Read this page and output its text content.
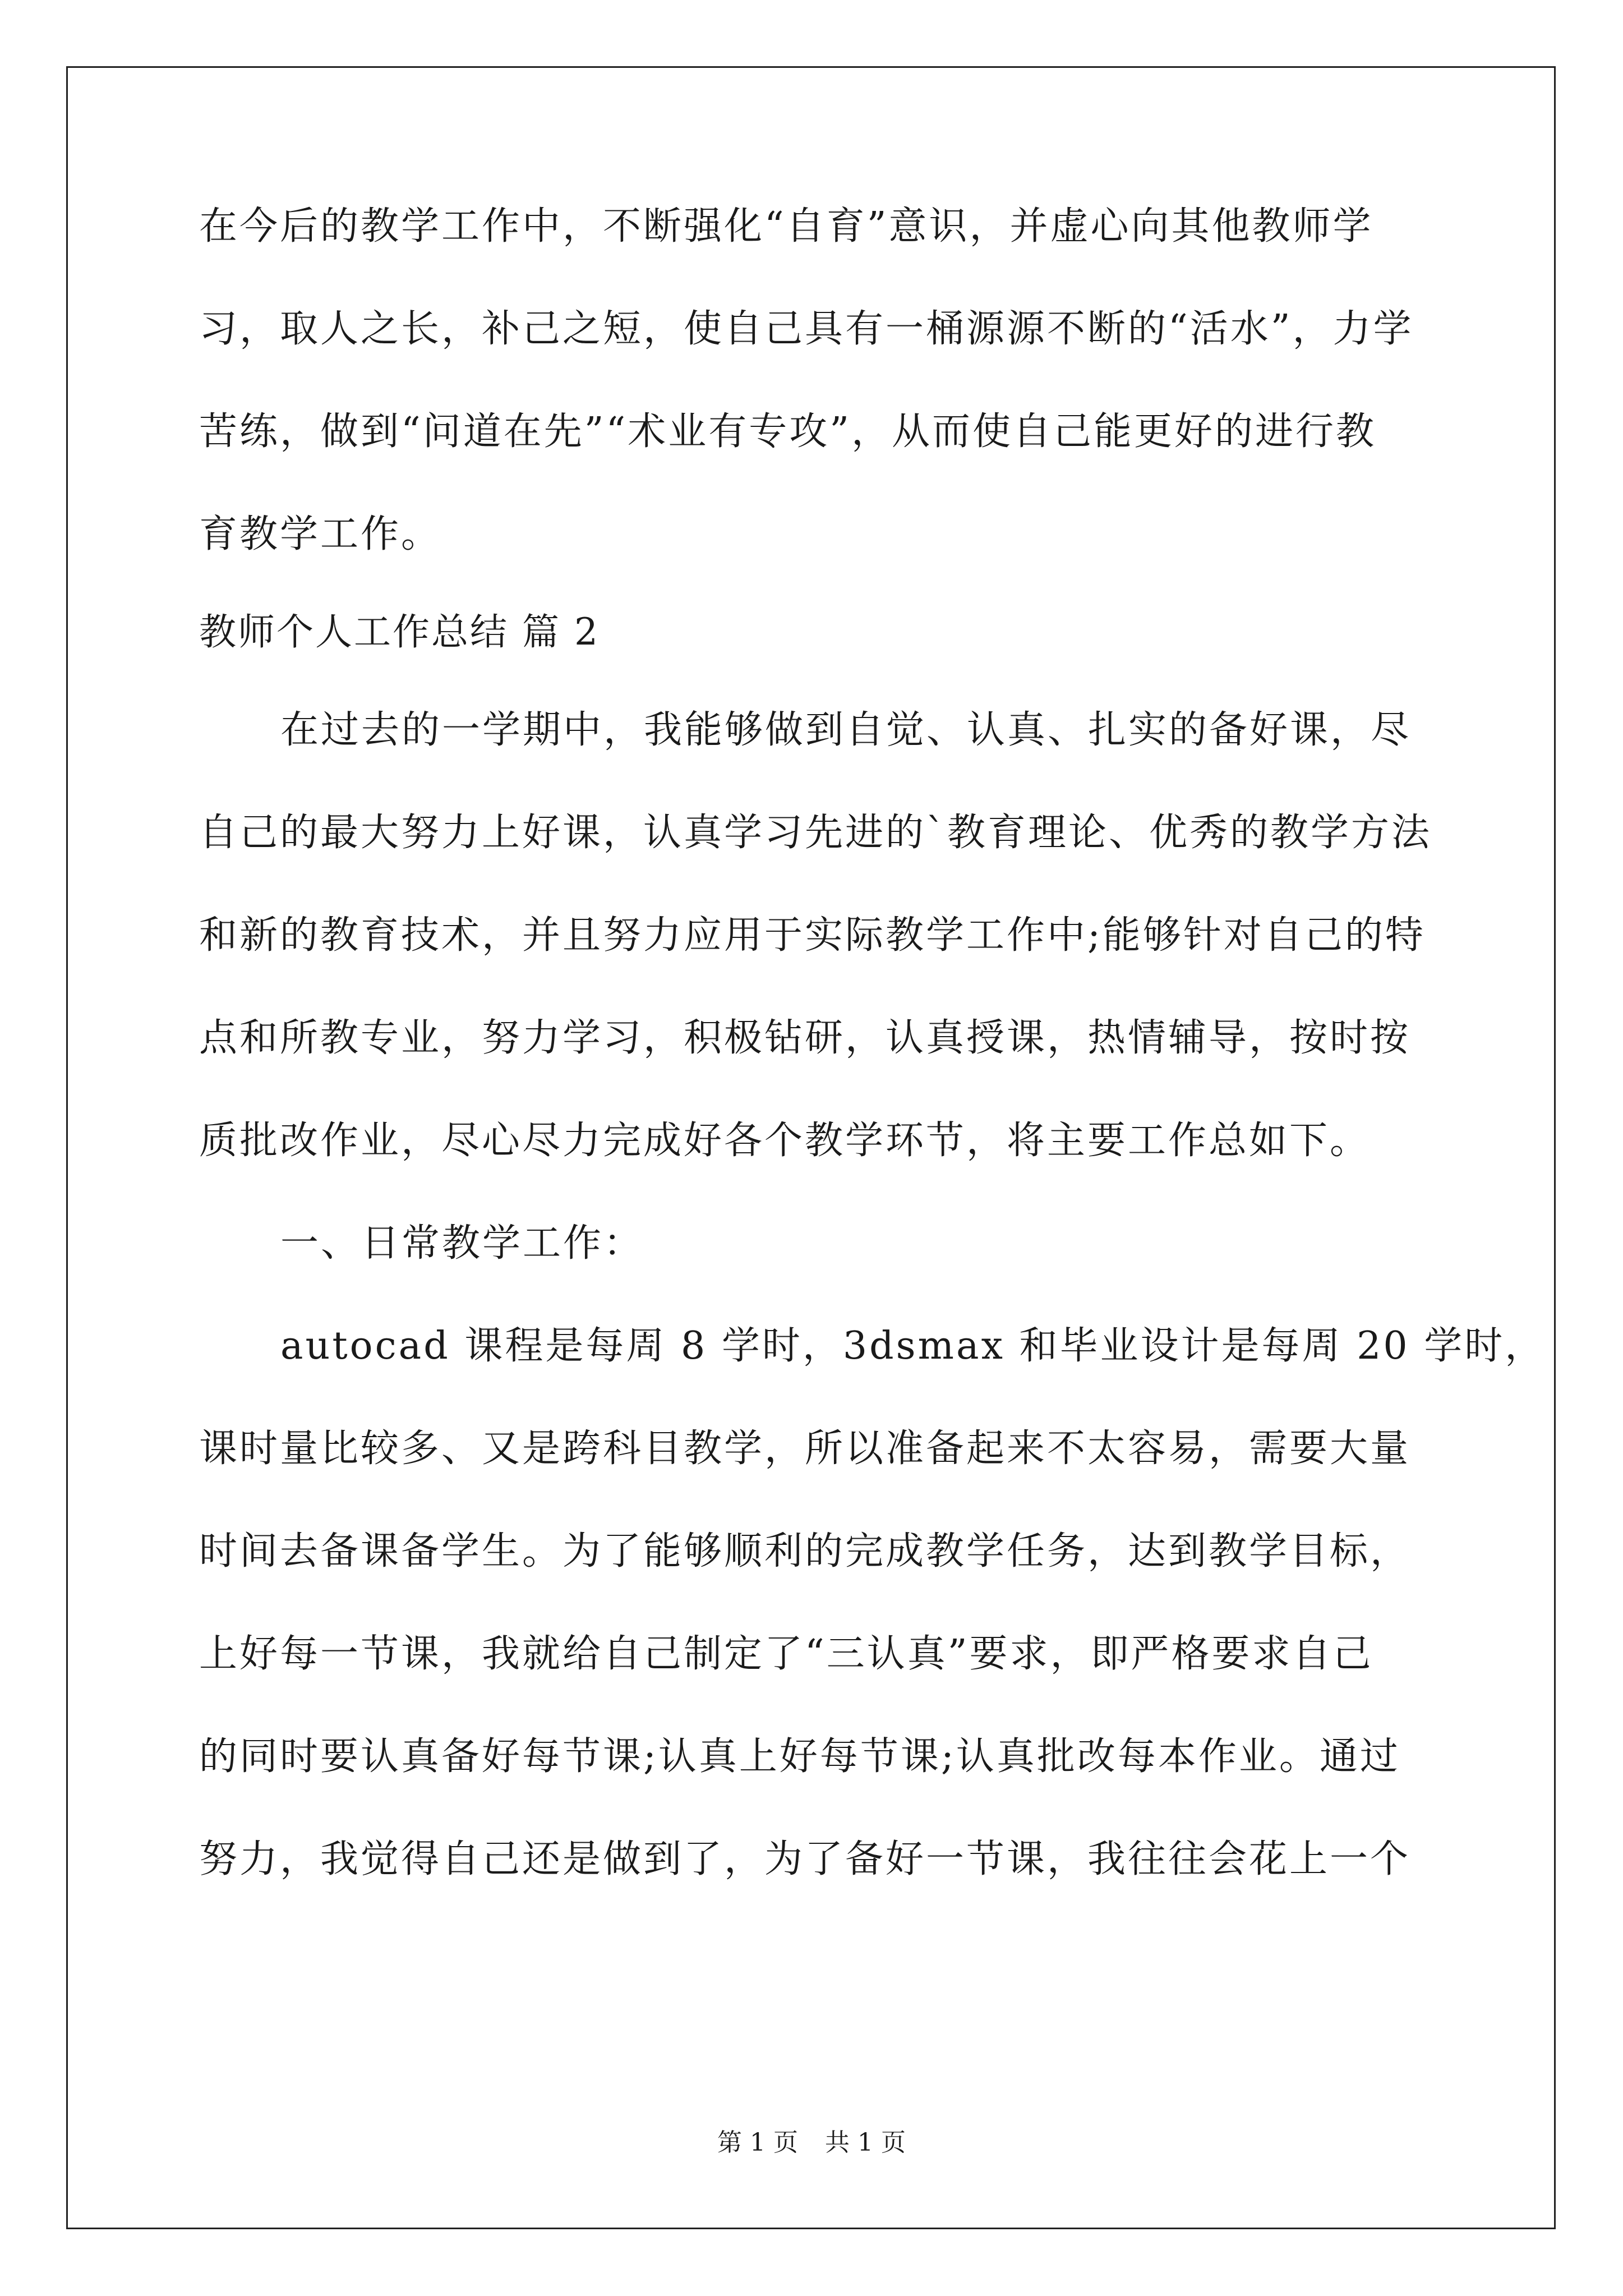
在今后的教学工作中，不断强化“自育”意识，并虚心向其他教师学
习，取人之长，补己之短，使自己具有一桶源源不断的“活水”，力学
苦练，做到“问道在先”“术业有专攻”，从而使自己能更好的进行教
育教学工作。
教师个人工作总结 篇 2
在过去的一学期中，我能够做到自觉、认真、扎实的备好课，尽
自己的最大努力上好课，认真学习先进的`教育理论、优秀的教学方法
和新的教育技术，并且努力应用于实际教学工作中;能够针对自己的特
点和所教专业，努力学习，积极钻研，认真授课，热情辅导，按时按
质批改作业，尽心尽力完成好各个教学环节，将主要工作总如下。
一、日常教学工作：
autocad 课程是每周 8 学时，3dsmax 和毕业设计是每周 20 学时，
课时量比较多、又是跨科目教学，所以准备起来不太容易，需要大量
时间去备课备学生。为了能够顺利的完成教学任务，达到教学目标，
上好每一节课，我就给自己制定了“三认真”要求，即严格要求自己
的同时要认真备好每节课;认真上好每节课;认真批改每本作业。通过
努力，我觉得自己还是做到了，为了备好一节课，我往往会花上一个
第 1 页 共 1 页
